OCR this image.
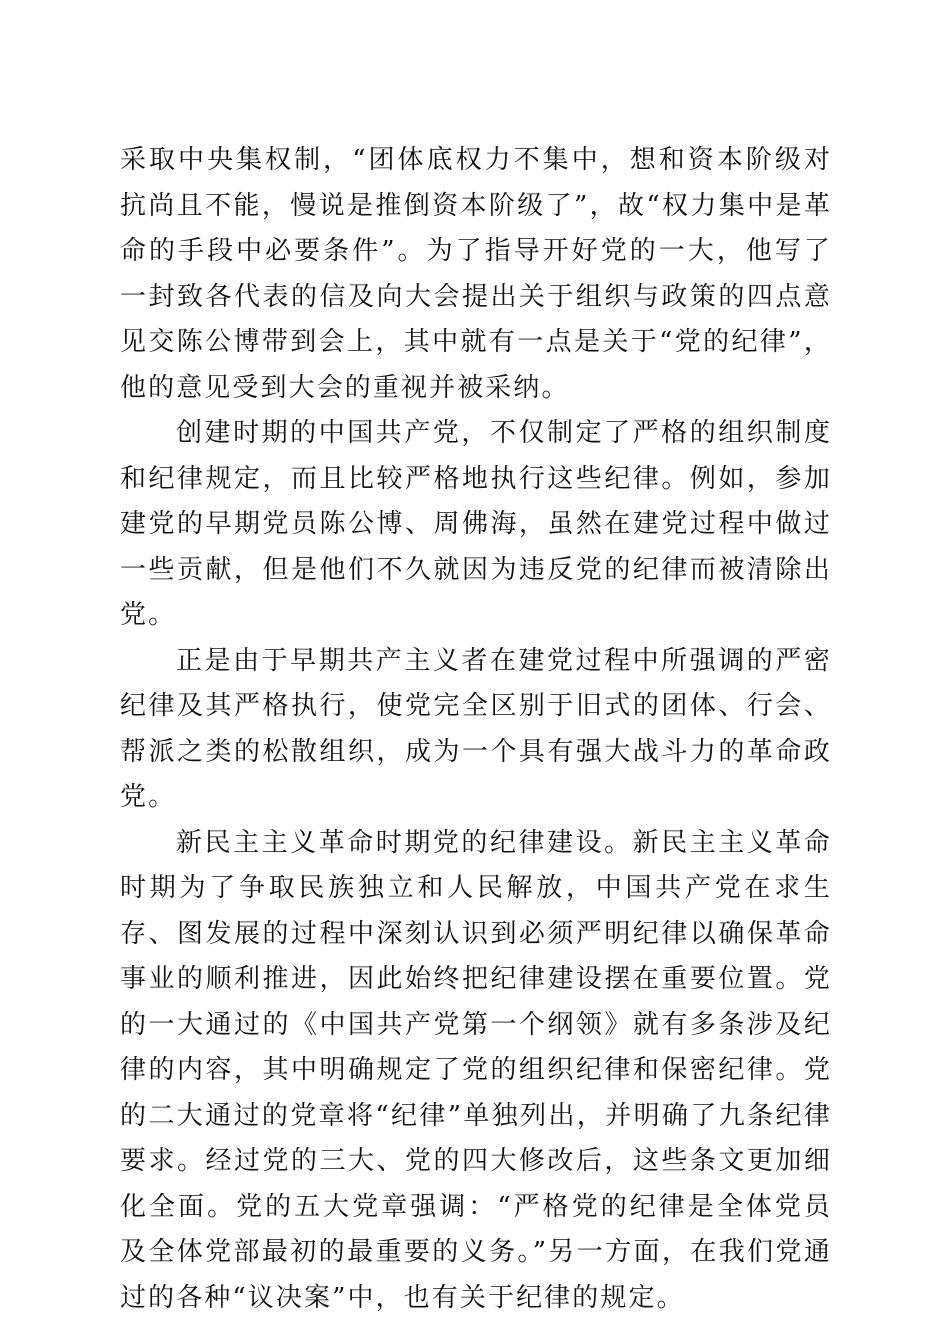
采取中央集权制，“团体底权力不集中，想和资本阶级对抗尚且不能，慢说是推倒资本阶级了”，故“权力集中是革命的手段中必要条件”。为了指导开好党的一大，他写了一封致各代表的信及向大会提出关于组织与政策的四点意见交陈公博带到会上，其中就有一点是关于“党的纪律”，他的意见受到大会的重视并被采纳。

创建时期的中国共产党，不仅制定了严格的组织制度和纪律规定，而且比较严格地执行这些纪律。例如，参加建党的早期党员陈公博、周佛海，虽然在建党过程中做过一些贡献，但是他们不久就因为违反党的纪律而被清除出党。

正是由于早期共产主义者在建党过程中所强调的严密纪律及其严格执行，使党完全区别于旧式的团体、行会、帮派之类的松散组织，成为一个具有强大战斗力的革命政党。

新民主主义革命时期党的纪律建设。新民主主义革命时期为了争取民族独立和人民解放，中国共产党在求生存、图发展的过程中深刻认识到必须严明纪律以确保革命事业的顺利推进，因此始终把纪律建设摆在重要位置。党的一大通过的《中国共产党第一个纲领》就有多条涉及纪律的内容，其中明确规定了党的组织纪律和保密纪律。党的二大通过的党章将“纪律”单独列出，并明确了九条纪律要求。经过党的三大、党的四大修改后，这些条文更加细化全面。党的五大党章强调：“严格党的纪律是全体党员及全体党部最初的最重要的义务。”另一方面，在我们党通过的各种“议决案”中，也有关于纪律的规定。
